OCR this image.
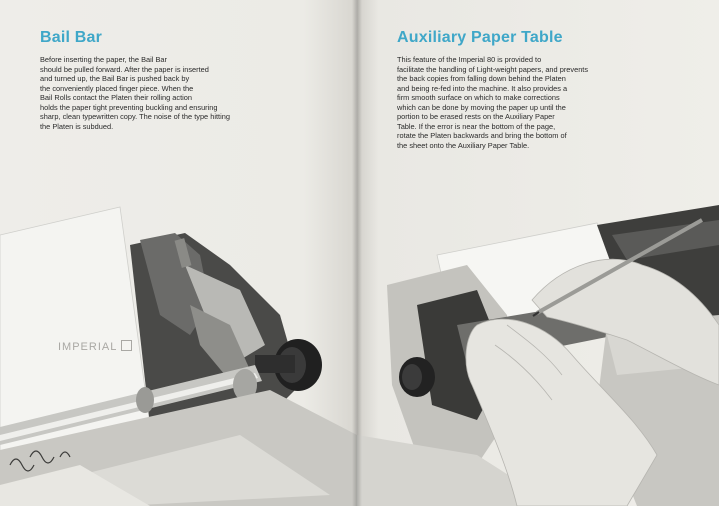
Bail Bar
Before inserting the paper, the Bail Bar
should be pulled forward. After the paper is inserted
and turned up, the Bail Bar is pushed back by
the conveniently placed finger piece. When the
Bail Rolls contact the Platen their rolling action
holds the paper tight preventing buckling and ensuring
sharp, clean typewritten copy. The noise of the type hitting
the Platen is subdued.
IMPERIAL
Auxiliary Paper Table
This feature of the Imperial 80 is provided to
facilitate the handling of Light-weight papers, and prevents
the back copies from falling down behind the Platen
and being re-fed into the machine. It also provides a
firm smooth surface on which to make corrections
which can be done by moving the paper up until the
portion to be erased rests on the Auxiliary Paper
Table. If the error is near the bottom of the page,
rotate the Platen backwards and bring the bottom of
the sheet onto the Auxiliary Paper Table.
